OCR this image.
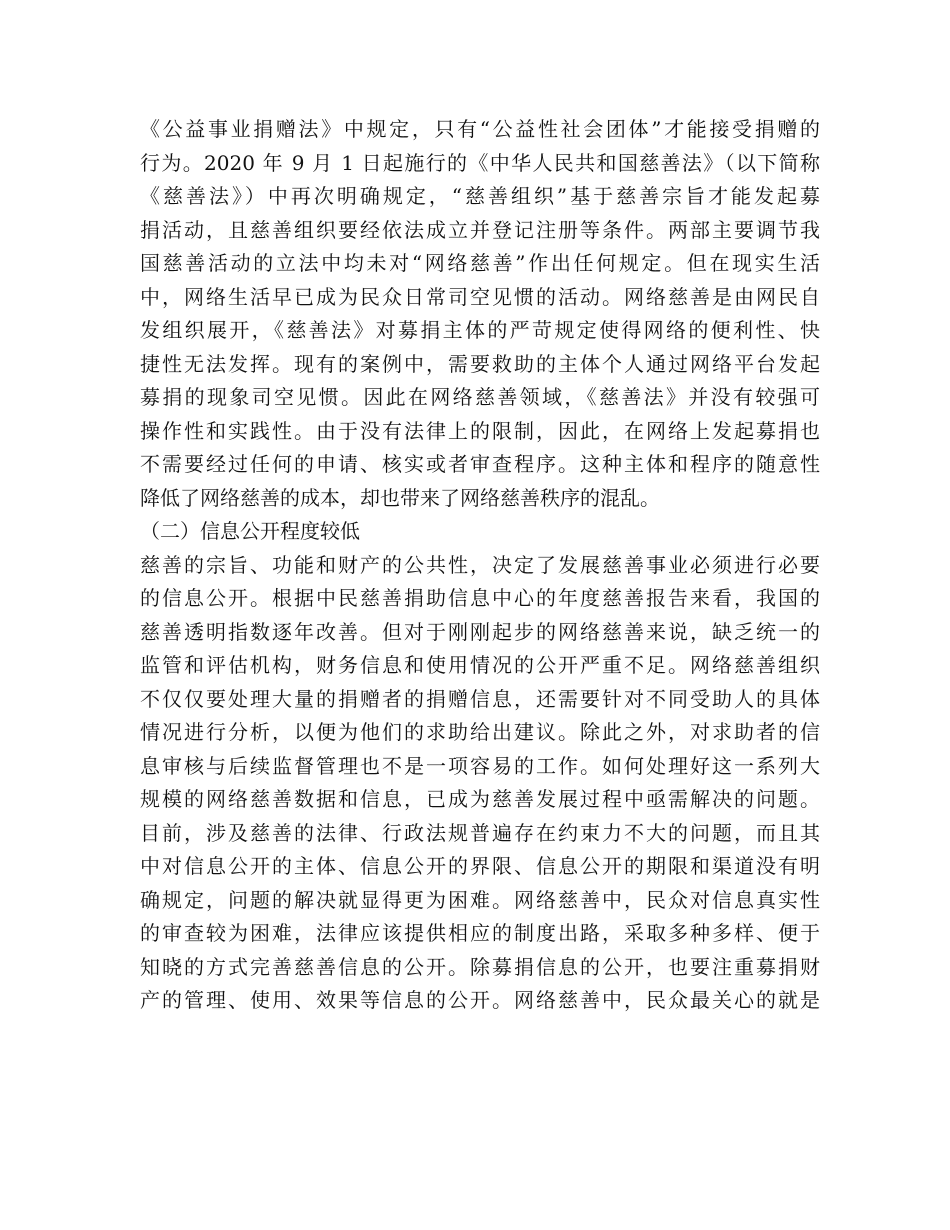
《公益事业捐赠法》中规定，只有“公益性社会团体”才能接受捐赠的
行为。2020 年 9 月 1 日起施行的《中华人民共和国慈善法》（以下简称
《慈善法》）中再次明确规定，“慈善组织”基于慈善宗旨才能发起募
捐活动，且慈善组织要经依法成立并登记注册等条件。两部主要调节我
国慈善活动的立法中均未对“网络慈善”作出任何规定。但在现实生活
中，网络生活早已成为民众日常司空见惯的活动。网络慈善是由网民自
发组织展开，《慈善法》对募捐主体的严苛规定使得网络的便利性、快
捷性无法发挥。现有的案例中，需要救助的主体个人通过网络平台发起
募捐的现象司空见惯。因此在网络慈善领域，《慈善法》并没有较强可
操作性和实践性。由于没有法律上的限制，因此，在网络上发起募捐也
不需要经过任何的申请、核实或者审查程序。这种主体和程序的随意性
降低了网络慈善的成本，却也带来了网络慈善秩序的混乱。
（二）信息公开程度较低
慈善的宗旨、功能和财产的公共性，决定了发展慈善事业必须进行必要
的信息公开。根据中民慈善捐助信息中心的年度慈善报告来看，我国的
慈善透明指数逐年改善。但对于刚刚起步的网络慈善来说，缺乏统一的
监管和评估机构，财务信息和使用情况的公开严重不足。网络慈善组织
不仅仅要处理大量的捐赠者的捐赠信息，还需要针对不同受助人的具体
情况进行分析，以便为他们的求助给出建议。除此之外，对求助者的信
息审核与后续监督管理也不是一项容易的工作。如何处理好这一系列大
规模的网络慈善数据和信息，已成为慈善发展过程中亟需解决的问题。
目前，涉及慈善的法律、行政法规普遍存在约束力不大的问题，而且其
中对信息公开的主体、信息公开的界限、信息公开的期限和渠道没有明
确规定，问题的解决就显得更为困难。网络慈善中，民众对信息真实性
的审查较为困难，法律应该提供相应的制度出路，采取多种多样、便于
知晓的方式完善慈善信息的公开。除募捐信息的公开，也要注重募捐财
产的管理、使用、效果等信息的公开。网络慈善中，民众最关心的就是
